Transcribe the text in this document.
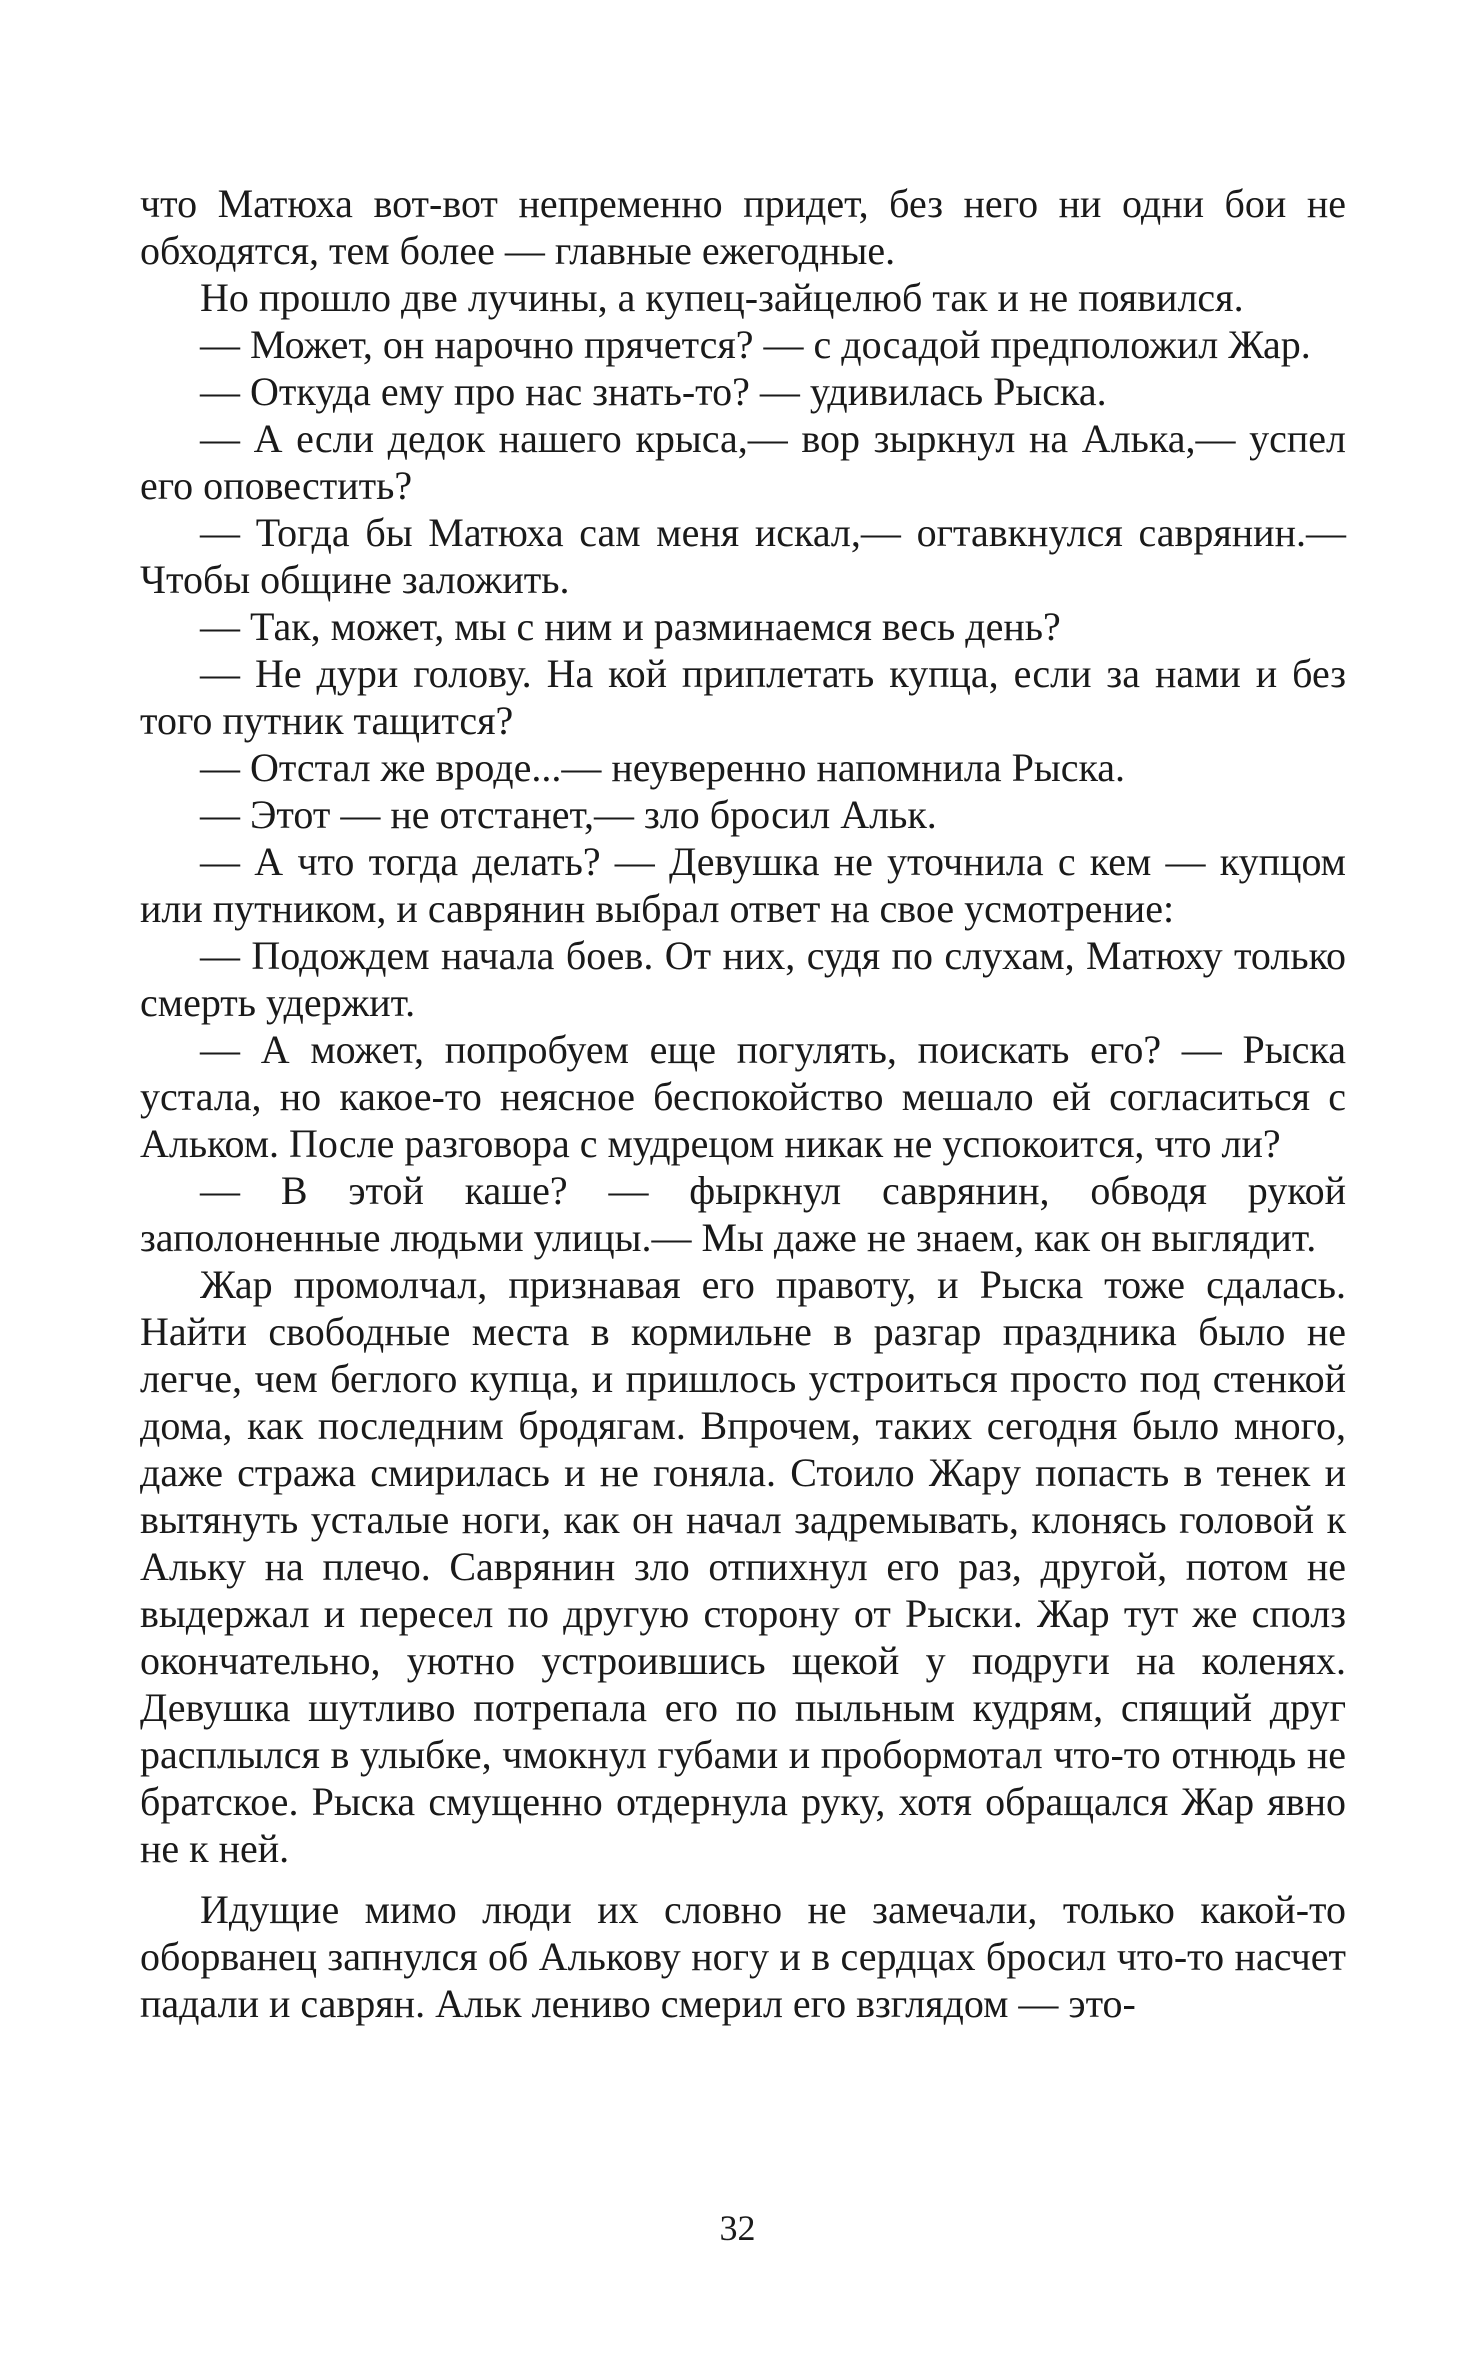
что Матюха вот-вот непременно придет, без него ни одни бои не обходятся, тем более — главные ежегодные.

Но прошло две лучины, а купец-зайцелюб так и не появился.

— Может, он нарочно прячется? — с досадой предположил Жар.

— Откуда ему про нас знать-то? — удивилась Рыска.

— А если дедок нашего крыса,— вор зыркнул на Алька,— успел его оповестить?

— Тогда бы Матюха сам меня искал,— огтавкнулся саврянин.— Чтобы общине заложить.

— Так, может, мы с ним и разминаемся весь день?

— Не дури голову. На кой приплетать купца, если за нами и без того путник тащится?

— Отстал же вроде...— неуверенно напомнила Рыска.

— Этот — не отстанет,— зло бросил Альк.

— А что тогда делать? — Девушка не уточнила с кем — купцом или путником, и саврянин выбрал ответ на свое усмотрение:

— Подождем начала боев. От них, судя по слухам, Матюху только смерть удержит.

— А может, попробуем еще погулять, поискать его? — Рыска устала, но какое-то неясное беспокойство мешало ей согласиться с Альком. После разговора с мудрецом никак не успокоится, что ли?

— В этой каше? — фыркнул саврянин, обводя рукой заполоненные людьми улицы.— Мы даже не знаем, как он выглядит.

Жар промолчал, признавая его правоту, и Рыска тоже сдалась. Найти свободные места в кормильне в разгар праздника было не легче, чем беглого купца, и пришлось устроиться просто под стенкой дома, как последним бродягам. Впрочем, таких сегодня было много, даже стража смирилась и не гоняла. Стоило Жару попасть в тенек и вытянуть усталые ноги, как он начал задремывать, клонясь головой к Альку на плечо. Саврянин зло отпихнул его раз, другой, потом не выдержал и пересел по другую сторону от Рыски. Жар тут же сполз окончательно, уютно устроившись щекой у подруги на коленях. Девушка шутливо потрепала его по пыльным кудрям, спящий друг расплылся в улыбке, чмокнул губами и пробормотал что-то отнюдь не братское. Рыска смущенно отдернула руку, хотя обращался Жар явно не к ней.

Идущие мимо люди их словно не замечали, только какой-то оборванец запнулся об Алькову ногу и в сердцах бросил что-то насчет падали и саврян. Альк лениво смерил его взглядом — это-

32
